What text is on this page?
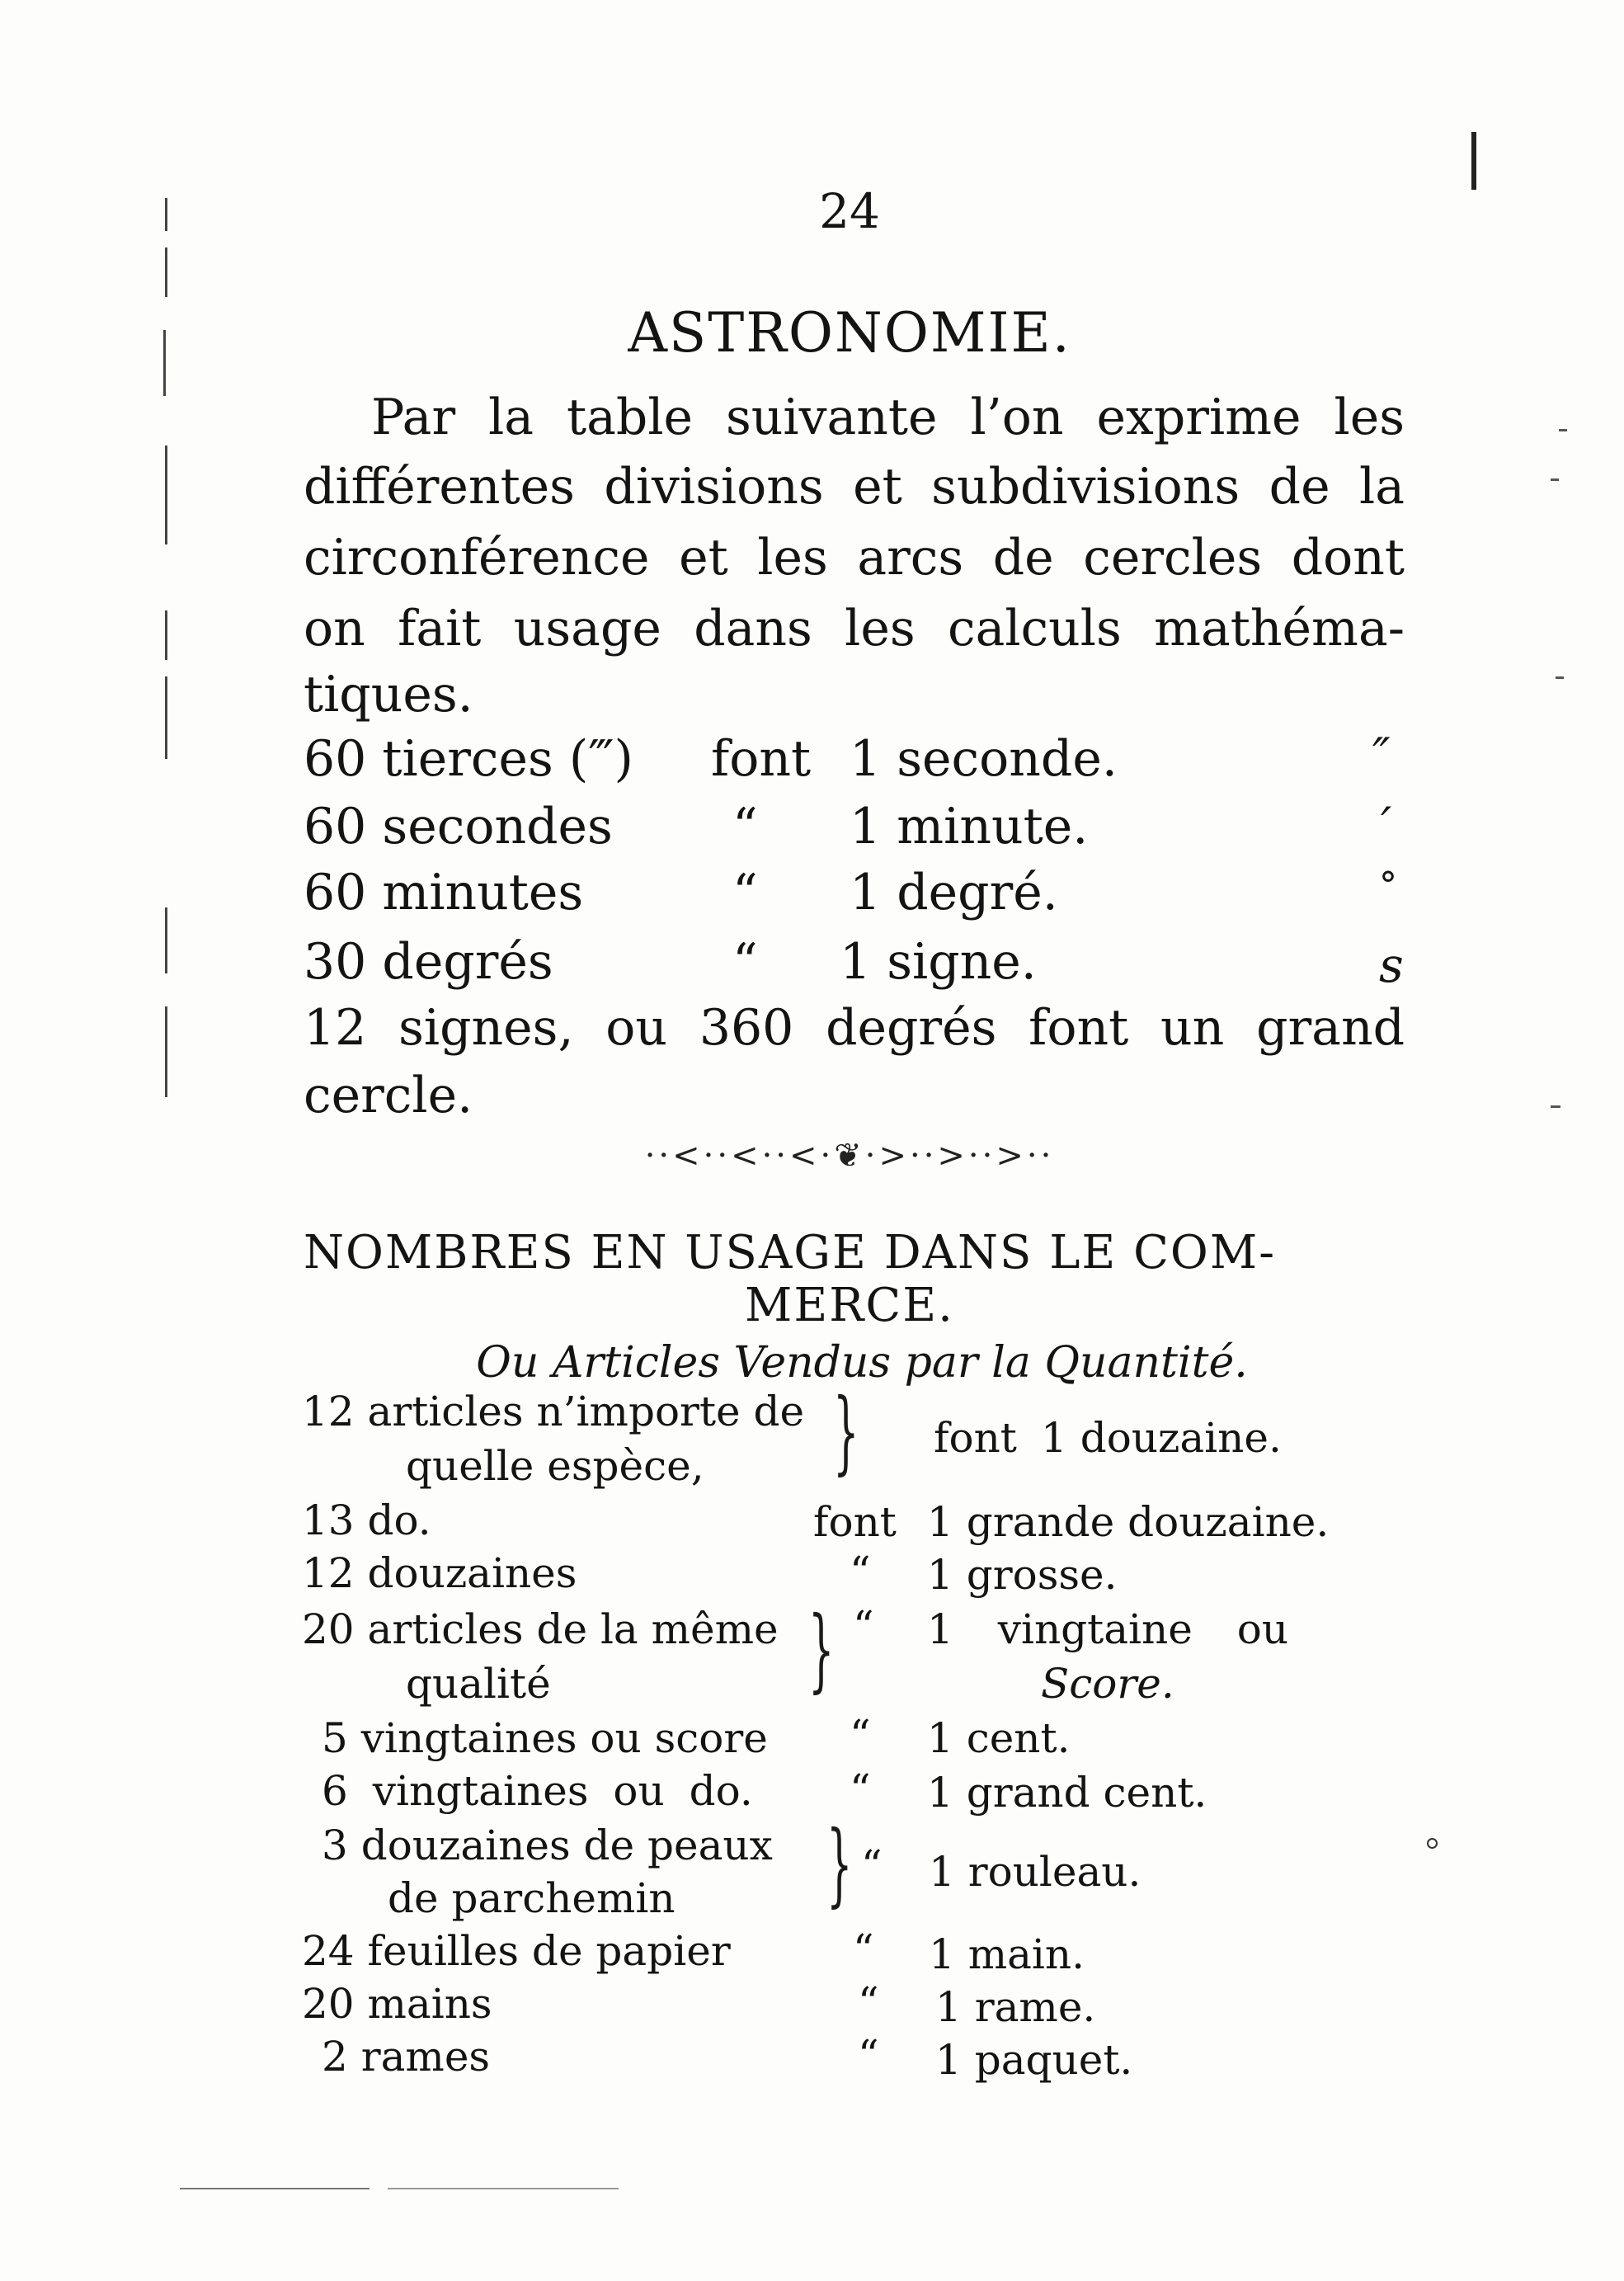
24
ASTRONOMIE.
Par la table suivante l’on exprime les
différentes divisions et subdivisions de la
circonférence et les arcs de cercles dont
on fait usage dans les calculs mathéma-
tiques.
60 tierces (‴) font 1 seconde.	″
60 secondes “ 1 minute.	′
60 minutes	“ 1 degré.	°
30 degrés	“ 1 signe.	s
12 signes, ou 360 degrés font un grand
cercle.
··<··<··<·❦·>··>··>··
NOMBRES EN USAGE DANS LE COM-
MERCE.
Ou Articles Vendus par la Quantité.
12 articles n’importe de
quelle espèce, } font 1 douzaine.
13 do.	font 1 grande douzaine.
12 douzaines	“ 1 grosse.
20 articles de la même
qualité	} “ 1 vingtaine ou
Score.
5 vingtaines ou score “ 1 cent.
6 vingtaines ou do. “ 1 grand cent.
3 douzaines de peaux
de parchemin } “ 1 rouleau.
24 feuilles de papier	“ 1 main.
20 mains	“ 1 rame.
2 rames	“ 1 paquet.
